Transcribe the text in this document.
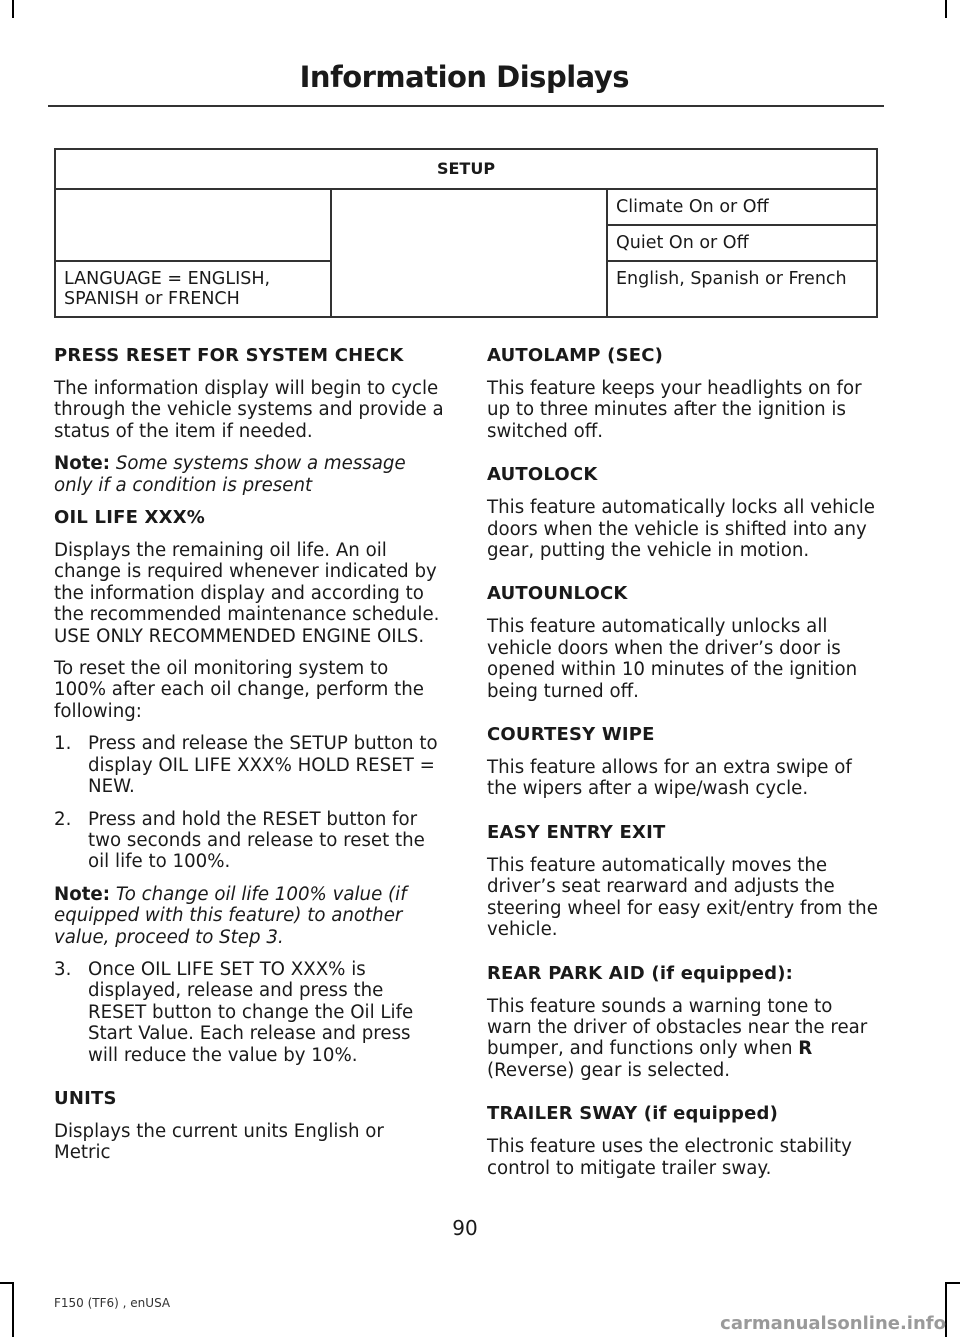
Information Displays
SETUP		
		Climate On or Off
		Quiet On or Off
LANGUAGE = ENGLISH, SPANISH or FRENCH		English, Spanish or French
PRESS RESET FOR SYSTEM CHECK

The information display will begin to cycle through the vehicle systems and provide a status of the item if needed.

Note: Some systems show a message only if a condition is present

OIL LIFE XXX%

Displays the remaining oil life. An oil change is required whenever indicated by the information display and according to the recommended maintenance schedule. USE ONLY RECOMMENDED ENGINE OILS.

To reset the oil monitoring system to 100% after each oil change, perform the following:

1. Press and release the SETUP button to display OIL LIFE XXX% HOLD RESET = NEW.
2. Press and hold the RESET button for two seconds and release to reset the oil life to 100%.

Note: To change oil life 100% value (if equipped with this feature) to another value, proceed to Step 3.

3. Once OIL LIFE SET TO XXX% is displayed, release and press the RESET button to change the Oil Life Start Value. Each release and press will reduce the value by 10%.
UNITS

Displays the current units English or Metric

AUTOLAMP (SEC)

This feature keeps your headlights on for up to three minutes after the ignition is switched off.

AUTOLOCK

This feature automatically locks all vehicle doors when the vehicle is shifted into any gear, putting the vehicle in motion.

AUTOUNLOCK

This feature automatically unlocks all vehicle doors when the driver’s door is opened within 10 minutes of the ignition being turned off.

COURTESY WIPE

This feature allows for an extra swipe of the wipers after a wipe/wash cycle.

EASY ENTRY EXIT

This feature automatically moves the driver’s seat rearward and adjusts the steering wheel for easy exit/entry from the vehicle.

REAR PARK AID (if equipped):

This feature sounds a warning tone to warn the driver of obstacles near the rear bumper, and functions only when R (Reverse) gear is selected.

TRAILER SWAY (if equipped)

This feature uses the electronic stability control to mitigate trailer sway.

90
F150 (TF6) , enUSA
carmanualsonline.info
